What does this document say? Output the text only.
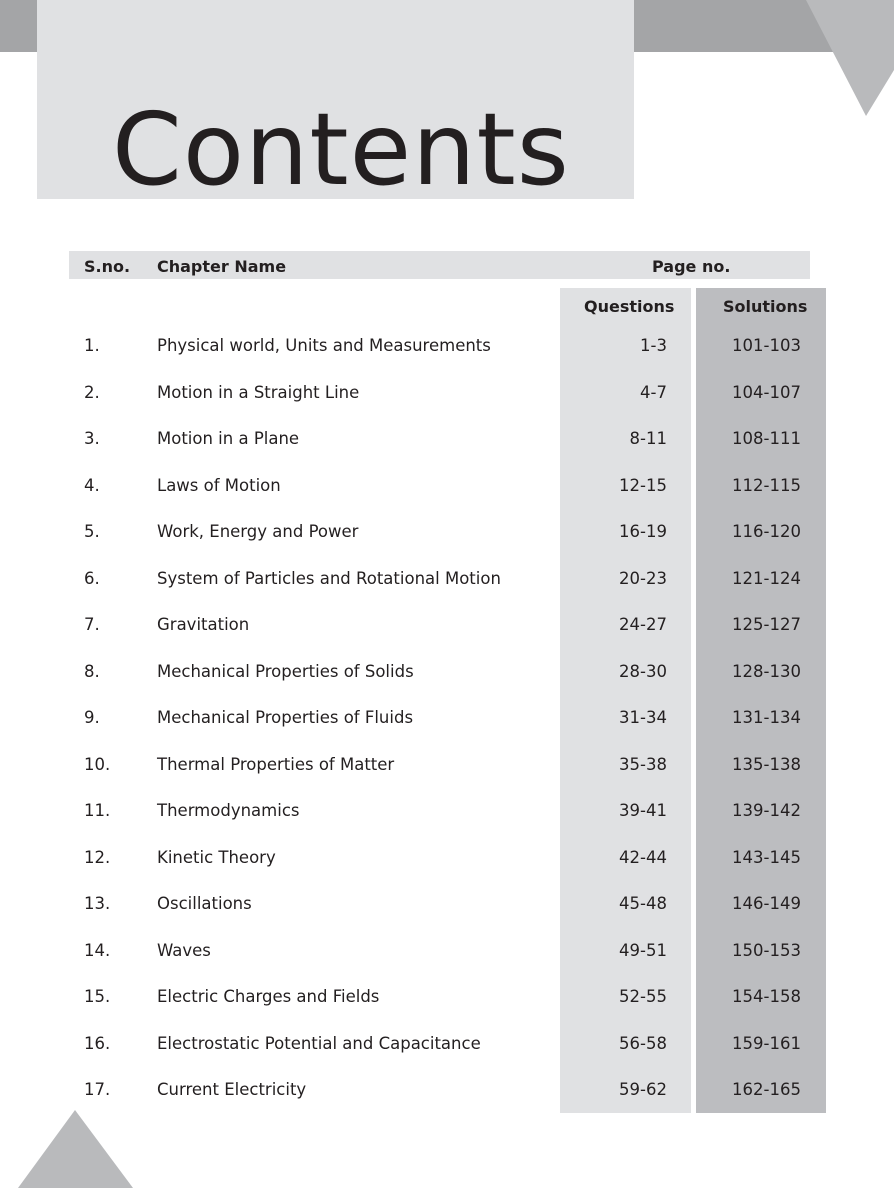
Contents
S.no. Chapter Name	Page no.
Questions	Solutions
1.	Physical world, Units and Measurements	1-3	101-103
2.	Motion in a Straight Line	4-7	104-107
3.	Motion in a Plane	8-11	108-111
4.	Laws of Motion	12-15	112-115
5.	Work, Energy and Power	16-19	116-120
6.	System of Particles and Rotational Motion	20-23	121-124
7.	Gravitation	24-27	125-127
8.	Mechanical Properties of Solids	28-30	128-130
9.	Mechanical Properties of Fluids	31-34	131-134
10.	Thermal Properties of Matter	35-38	135-138
11.	Thermodynamics	39-41	139-142
12.	Kinetic Theory	42-44	143-145
13.	Oscillations	45-48	146-149
14.	Waves	49-51	150-153
15.	Electric Charges and Fields	52-55	154-158
16.	Electrostatic Potential and Capacitance	56-58	159-161
17.	Current Electricity	59-62	162-165
